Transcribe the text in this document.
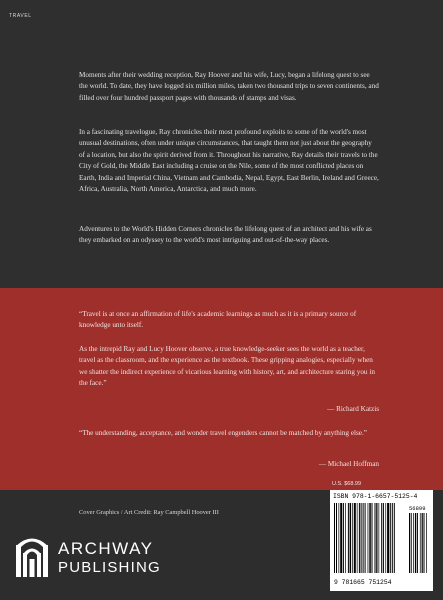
TRAVEL

Moments after their wedding reception, Ray Hoover and his wife, Lucy, began a lifelong quest to see the world. To date, they have logged six million miles, taken two thousand trips to seven continents, and filled over four hundred passport pages with thousands of stamps and visas.

In a fascinating travelogue, Ray chronicles their most profound exploits to some of the world's most unusual destinations, often under unique circumstances, that taught them not just about the geography of a location, but also the spirit derived from it. Throughout his narrative, Ray details their travels to the City of Gold, the Middle East including a cruise on the Nile, some of the most conflicted places on Earth, India and Imperial China, Vietnam and Cambodia, Nepal, Egypt, East Berlin, Ireland and Greece, Africa, Australia, North America, Antarctica, and much more.

Adventures to the World's Hidden Corners chronicles the lifelong quest of an architect and his wife as they embarked on an odyssey to the world's most intriguing and out-of-the-way places.

“Travel is at once an affirmation of life's academic learnings as much as it is a primary source of knowledge unto itself.

As the intrepid Ray and Lucy Hoover observe, a true knowledge-seeker sees the world as a teacher, travel as the classroom, and the experience as the textbook. These gripping analogies, especially when we shatter the indirect experience of vicarious learning with history, art, and architecture staring you in the face.”

— Richard Katzis

“The understanding, acceptance, and wonder travel engenders cannot be matched by anything else.”

— Michael Hoffman

Cover Graphics / Art Credit: Ray Campbell Hoover III

ARCHWAY

PUBLISHING

U.S. $68.99

ISBN 978-1-6657-5125-4

56899

9 781665 751254
